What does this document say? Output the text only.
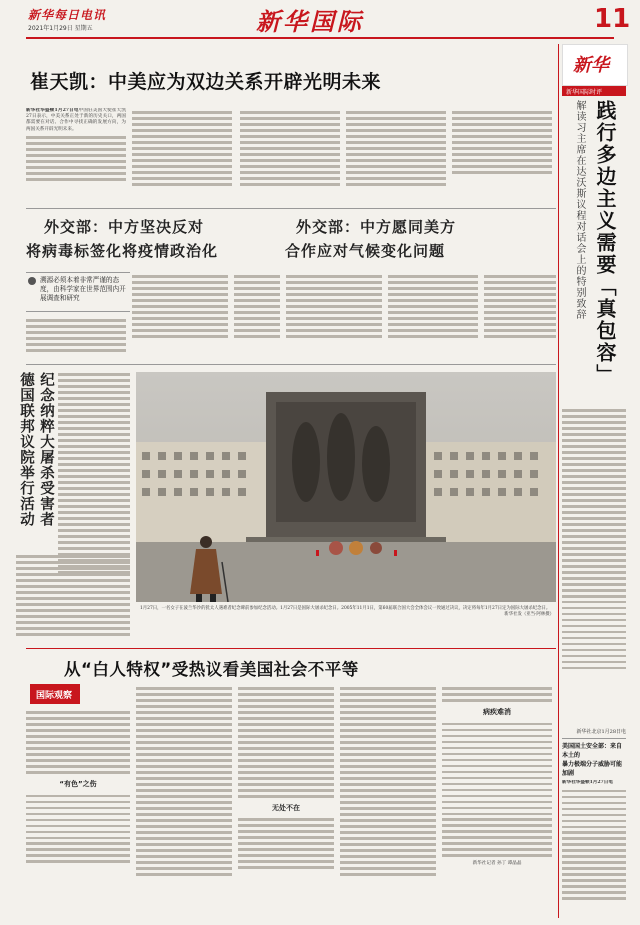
新华每日电讯
2021年1月29日 星期五	新华国际	11
崔天凯：中美应为双边关系开辟光明未来
新华社华盛顿1月27日电中国驻美国大使崔天凯27日表示，中美关系正处于新的历史关口，两国都需要在对话、合作中寻找正确的发展方向，为两国关系开辟光明未来。
外交部：中方坚决反对
将病毒标签化将疫情政治化
外交部：中方愿同美方
合作应对气候变化问题
溯源必须本着非常严谨的态度，由科学家在世界范围内开展调查和研究
纪念纳粹大屠杀受害者
德国联邦议院举行活动
1月27日，一名女子在波兰华沙的犹太人遇难者纪念碑前参加纪念活动。1月27日是国际大屠杀纪念日。2005年11月1日，第60届联合国大会全体会议一致通过决议，决定将每年1月27日定为国际大屠杀纪念日。
新华社发（亚当·阿林摄）
从“白人特权”受热议看美国社会不平等
国际观察
“有色”之伤
无处不在
病疾难消
新华社记者 孙丁 谭晶晶
新华
新华国际时评
践行多边主义需要「真包容」
解读习主席在达沃斯议程对话会上的特别致辞
新华社北京1月28日电
美国国土安全部：来自本土的
暴力极端分子威胁可能加剧
新华社华盛顿1月27日电
